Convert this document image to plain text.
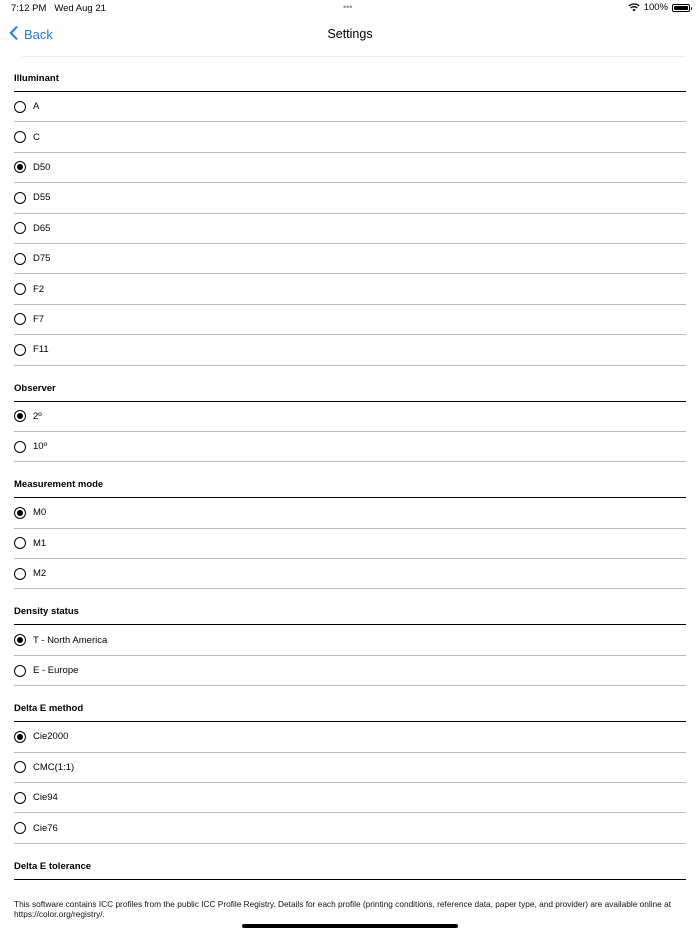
7:12 PM Wed Aug 21	•••	100%
Back	Settings
Illuminant
A
C
D50
D55
D65
D75
F2
F7
F11
Observer
2º
10º
Measurement mode
M0
M1
M2
Density status
T - North America
E - Europe
Delta E method
Cie2000
CMC(1:1)
Cie94
Cie76
Delta E tolerance
This software contains ICC profiles from the public ICC Profile Registry. Details for each profile (printing conditions, reference data, paper type, and provider) are available online at https://color.org/registry/.
